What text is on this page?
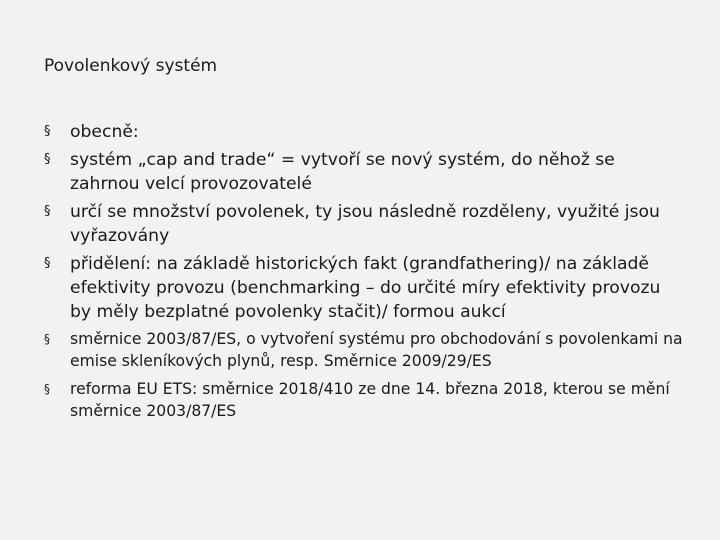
Povolenkový systém
§	obecně:
§	systém „cap and trade“ = vytvoří se nový systém, do něhož se zahrnou velcí provozovatelé
§	určí se množství povolenek, ty jsou následně rozděleny, využité jsou vyřazovány
§	přidělení: na základě historických fakt (grandfathering)/ na základě efektivity provozu (benchmarking – do určité míry efektivity provozu by měly bezplatné povolenky stačit)/ formou aukcí
§	směrnice 2003/87/ES, o vytvoření systému pro obchodování s povolenkami na emise skleníkových plynů, resp. Směrnice 2009/29/ES
§	reforma EU ETS: směrnice 2018/410 ze dne 14. března 2018, kterou se mění směrnice 2003/87/ES
